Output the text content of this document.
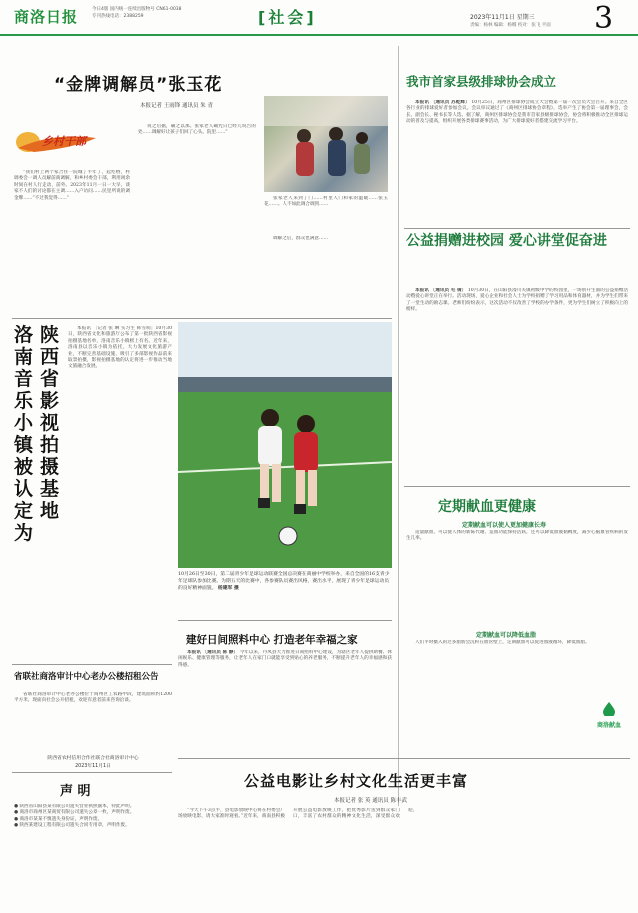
商洛日报	今日4版 国内统一连续出版物号 CN61-0038
专刊热线电话：2388259	[社会]	2023年11月1日 星期三
责编：杨林 编辑：杨娜 校对：张飞 平面 3
“金牌调解员”张玉花
本报记者 王雨锋 通讯员 朱 青
乡村干部

“我们村上两个家合住一院城了半年了，起疙瘩，村调委会一调人员解前商调解，和乡村委会干部，利用闲余时间在村人行走动，前外。2023年11月一日一大早，谈家不人们的讨论都在主调……入户访问……民里所说的调金牌……“不过我觉得……”

说之后据，确之以那。张家老人确凭日已经儿说告的处……调解好让孩子们回了心头。院里……”

张家老人来到了门……村里人门和家的温暖……张玉花……。人不如此调合调到……

调解之后，群众也满意……

我市首家县级排球协会成立

本报讯 〔通讯员 苏乾辉〕 10月25日，商州区排球协会成立大会暨第一届一次会员大会召开。来自全区各行业的排球爱好者参加会议。会议审议通过了《商州区排球协会章程》，选举产生了协会第一届理事会，会长、副会长、秘书长等人选。据了解，商州区排球协会是我市首家县级排球协会，协会将积极推动全区排球运动的普及与提高，组织开展各类排球赛事活动，为广大排球爱好者搭建交流学习平台。

公益捐赠进校园 爱心讲堂促奋进

本报讯 〔通讯员 毛 倩〕 10月30日，在山阳县漫川关镇初级中学的校园里，一场别开生面的公益捐赠活动暨爱心讲堂正在举行。活动现场，爱心企业和社会人士为学校捐赠了学习用品和体育器材，并为学生们带来了一堂生动的励志课。老师们纷纷表示，这次活动不仅改善了学校的办学条件，更为学生们树立了积极向上的榜样。

洛南音乐小镇被认定为
陕西省影视拍摄基地

本报讯 〔记者 张 琳 实习生 韩雪萌〕10月30日，陕西省文化和旅游厅公布了第一批陕西省影视拍摄基地名单，洛南音乐小镇榜上有名。近年来，洛南县以音乐小镇为依托，大力发展文化旅游产业，不断完善基础设施，吸引了多部影视作品前来取景拍摄，影视拍摄基地的认定将进一步推动当地文旅融合发展。

10月26日至30日，第二届青少年足球运动联赛全国总决赛在商丽中学校举办，来自全国的16支青少年足球队参加比赛。为期五天的比赛中，各参赛队员赛出风格，赛出水平，展现了青少年足球运动员的良好精神面貌。 杨建军 摄
定期献血更健康
定期献血可以使人更加健康长寿

适量献血，可以使人体的新陈代谢、造血功能保持活跃，还可以降低血液黏稠度，减少心脑血管疾病的发生几率。

定期献血可以降低血脂

人们平时摄入的过多脂肪会沉积在血管壁上，定期献血可以促进血液循环，降低血脂。

商洛献血
省联社商洛审计中心老办公楼招租公告

省联社商洛审计中心老办公楼位于商州区工农路中段，建筑面积约1200平方米，现面向社会公开招租，欢迎有意者前来咨询洽谈。

陕西省农村信用合作社联合社商洛审计中心
2023年11月1日
建好日间照料中心 打造老年幸福之家

本报讯 〔通讯员 陈 静〕 今年以来，丹凤县大力推进日间照料中心建设，为辖区老年人提供助餐、休闲娱乐、健康管理等服务，让老年人在家门口就能享受到贴心的养老服务，不断提升老年人的幸福感和获得感。

声 明
● 陕西省山阳县某有限公司遗失营业执照副本，特此声明。
● 商洛市商州区某商贸有限公司遗失公章一枚，声明作废。
● 商洛市某某不慎遗失身份证，声明作废。
● 陕西某建设工程有限公司遗失合同专用章，声明作废。
公益电影让乡村文化生活更丰富
本报记者 张 英 通讯员 陈丰武

“今天下午3点半，县电影放映中心将在村委会广场放映电影，请大家准时观看。”近年来，商南县积极开展公益电影放映工作，把优秀影片送到群众家门口，丰富了农村群众的精神文化生活，深受群众欢迎。
